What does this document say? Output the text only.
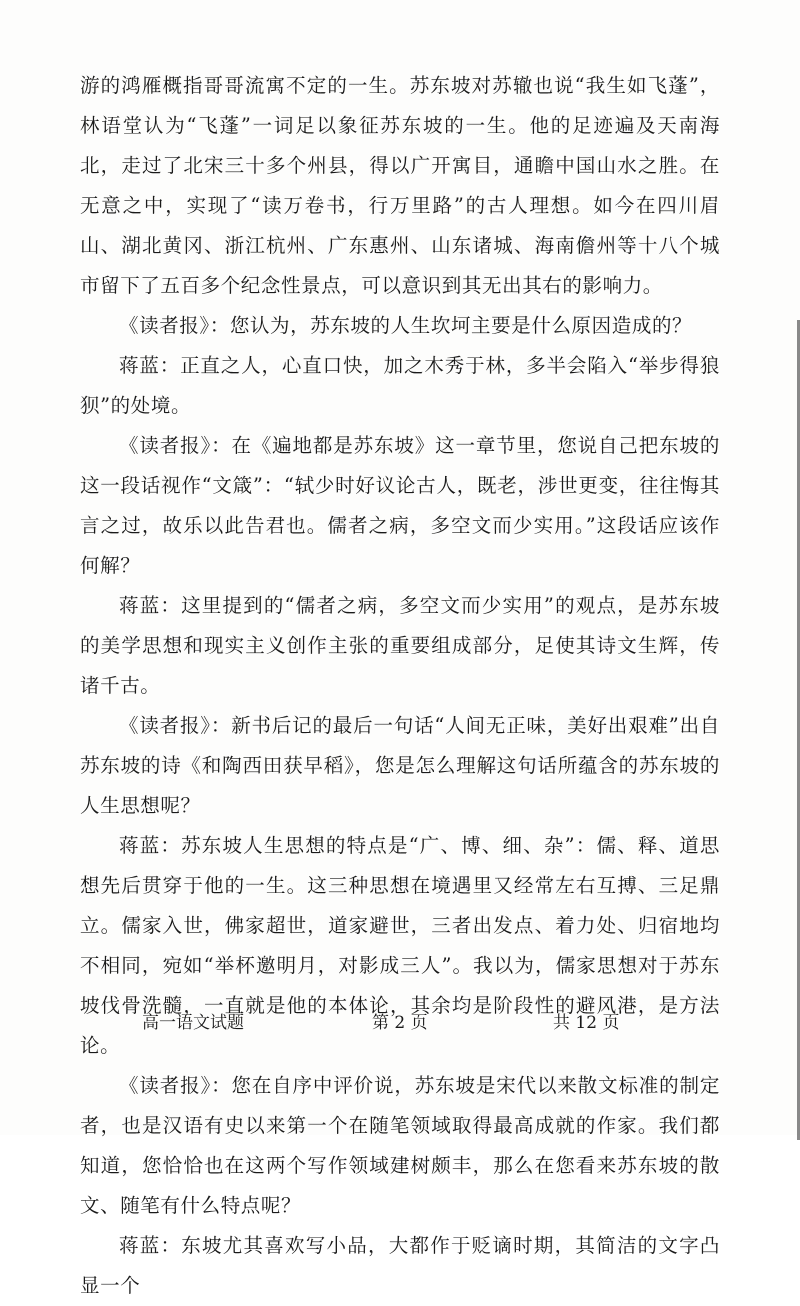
游的鸿雁概指哥哥流寓不定的一生。苏东坡对苏辙也说“我生如飞蓬”，林语堂认为“飞蓬”一词足以象征苏东坡的一生。他的足迹遍及天南海北，走过了北宋三十多个州县，得以广开寓目，通瞻中国山水之胜。在无意之中，实现了“读万卷书，行万里路”的古人理想。如今在四川眉山、湖北黄冈、浙江杭州、广东惠州、山东诸城、海南儋州等十八个城市留下了五百多个纪念性景点，可以意识到其无出其右的影响力。

《读者报》：您认为，苏东坡的人生坎坷主要是什么原因造成的？

蒋蓝：正直之人，心直口快，加之木秀于林，多半会陷入“举步得狼狈”的处境。

《读者报》：在《遍地都是苏东坡》这一章节里，您说自己把东坡的这一段话视作“文箴”：“轼少时好议论古人，既老，涉世更变，往往悔其言之过，故乐以此告君也。儒者之病，多空文而少实用。”这段话应该作何解？

蒋蓝：这里提到的“儒者之病，多空文而少实用”的观点，是苏东坡的美学思想和现实主义创作主张的重要组成部分，足使其诗文生辉，传诸千古。

《读者报》：新书后记的最后一句话“人间无正味，美好出艰难”出自苏东坡的诗《和陶西田获早稻》，您是怎么理解这句话所蕴含的苏东坡的人生思想呢？

蒋蓝：苏东坡人生思想的特点是“广、博、细、杂”：儒、释、道思想先后贯穿于他的一生。这三种思想在境遇里又经常左右互搏、三足鼎立。儒家入世，佛家超世，道家避世，三者出发点、着力处、归宿地均不相同，宛如“举杯邀明月，对影成三人”。我以为，儒家思想对于苏东坡伐骨洗髓，一直就是他的本体论，其余均是阶段性的避风港，是方法论。

《读者报》：您在自序中评价说，苏东坡是宋代以来散文标准的制定者，也是汉语有史以来第一个在随笔领域取得最高成就的作家。我们都知道，您恰恰也在这两个写作领域建树颇丰，那么在您看来苏东坡的散文、随笔有什么特点呢？

蒋蓝：东坡尤其喜欢写小品，大都作于贬谪时期，其简洁的文字凸显一个

高一语文试题	第 2 页	共 12 页
